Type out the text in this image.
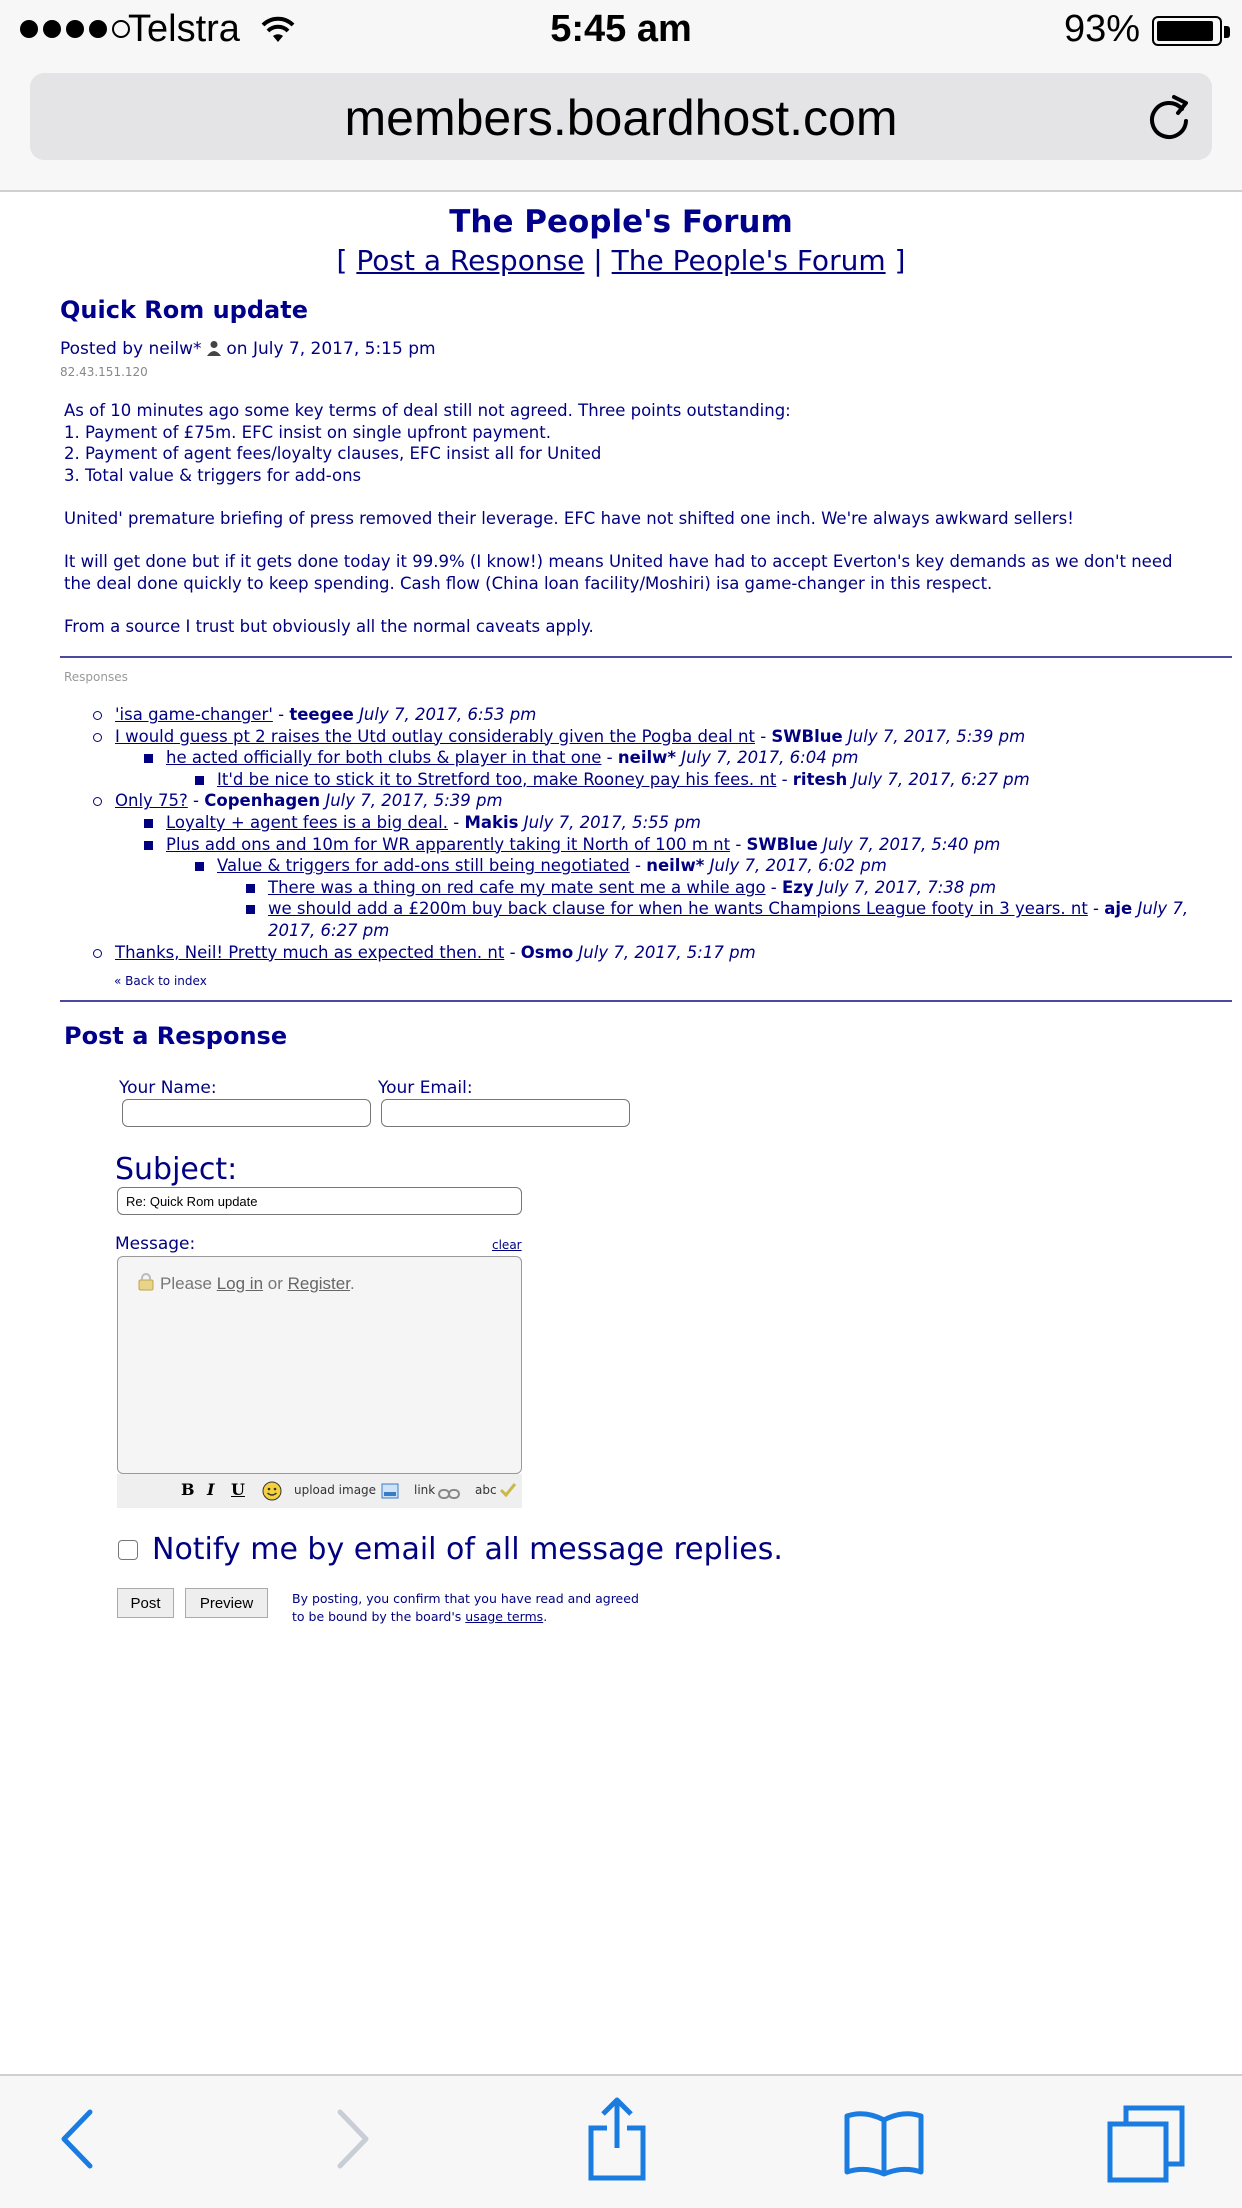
Telstra	5:45 am	93%
members.boardhost.com
The People's Forum
[ Post a Response | The People's Forum ]
Quick Rom update
Posted by neilw*  on July 7, 2017, 5:15 pm
82.43.151.120

As of 10 minutes ago some key terms of deal still not agreed. Three points outstanding:
1. Payment of £75m. EFC insist on single upfront payment.
2. Payment of agent fees/loyalty clauses, EFC insist all for United
3. Total value & triggers for add-ons

United' premature briefing of press removed their leverage. EFC have not shifted one inch. We're always awkward sellers!

It will get done but if it gets done today it 99.9% (I know!) means United have had to accept Everton's key demands as we don't need the deal done quickly to keep spending. Cash flow (China loan facility/Moshiri) isa game-changer in this respect.

From a source I trust but obviously all the normal caveats apply.

Responses
'isa game-changer' - teegee July 7, 2017, 6:53 pm
I would guess pt 2 raises the Utd outlay considerably given the Pogba deal nt - SWBlue July 7, 2017, 5:39 pm
he acted officially for both clubs & player in that one - neilw* July 7, 2017, 6:04 pm
It'd be nice to stick it to Stretford too, make Rooney pay his fees. nt - ritesh July 7, 2017, 6:27 pm
Only 75? - Copenhagen July 7, 2017, 5:39 pm
Loyalty + agent fees is a big deal. - Makis July 7, 2017, 5:55 pm
Plus add ons and 10m for WR apparently taking it North of 100 m nt - SWBlue July 7, 2017, 5:40 pm
Value & triggers for add-ons still being negotiated - neilw* July 7, 2017, 6:02 pm
There was a thing on red cafe my mate sent me a while ago - Ezy July 7, 2017, 7:38 pm
we should add a £200m buy back clause for when he wants Champions League footy in 3 years. nt - aje July 7,
2017, 6:27 pm
Thanks, Neil! Pretty much as expected then. nt - Osmo July 7, 2017, 5:17 pm
« Back to index
Post a Response
Your Name:	Your Email:
Subject:
Re: Quick Rom update
Message:	clear
Please Log in or Register.
B I U	upload image	link	abc
Notify me by email of all message replies.
Post	Preview	By posting, you confirm that you have read and agreed to be bound by the board's usage terms.
